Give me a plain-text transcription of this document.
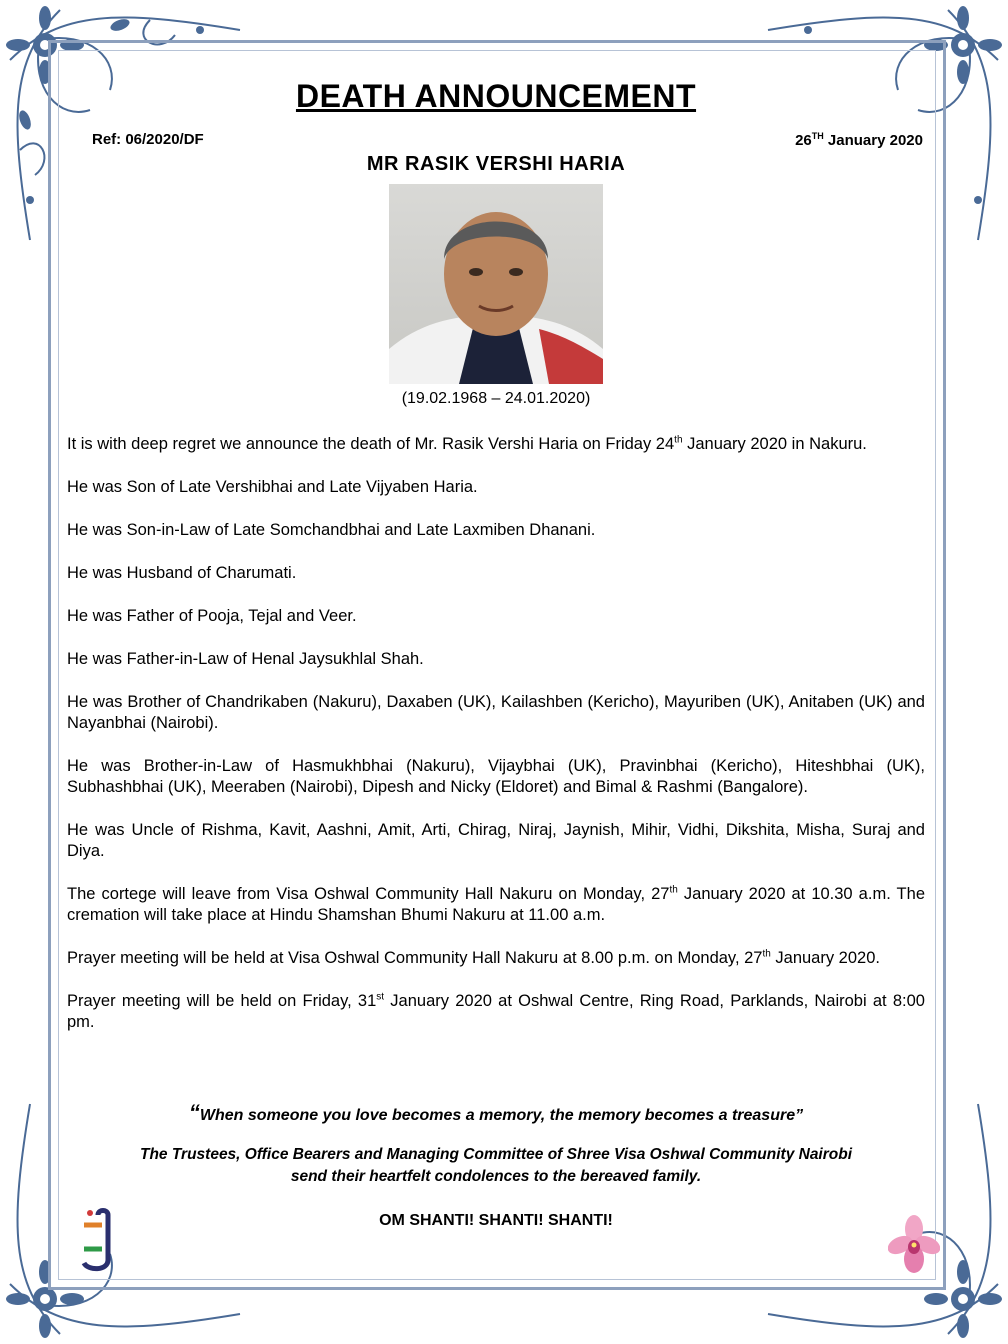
DEATH ANNOUNCEMENT
Ref: 06/2020/DF	26TH January 2020
MR RASIK VERSHI HARIA
(19.02.1968 – 24.01.2020)

It is with deep regret we announce the death of Mr. Rasik Vershi Haria on Friday 24th January 2020 in Nakuru.

He was Son of Late Vershibhai and Late Vijyaben Haria.

He was Son-in-Law of Late Somchandbhai and Late Laxmiben Dhanani.

He was Husband of Charumati.

He was Father of Pooja, Tejal and Veer.

He was Father-in-Law of Henal Jaysukhlal Shah.

He was Brother of Chandrikaben (Nakuru), Daxaben (UK), Kailashben (Kericho), Mayuriben (UK), Anitaben (UK) and Nayanbhai (Nairobi).

He was Brother-in-Law of Hasmukhbhai (Nakuru), Vijaybhai (UK), Pravinbhai (Kericho), Hiteshbhai (UK), Subhashbhai (UK), Meeraben (Nairobi), Dipesh and Nicky (Eldoret) and Bimal & Rashmi (Bangalore).

He was Uncle of Rishma, Kavit, Aashni, Amit, Arti, Chirag, Niraj, Jaynish, Mihir, Vidhi, Dikshita, Misha, Suraj and Diya.

The cortege will leave from Visa Oshwal Community Hall Nakuru on Monday, 27th January 2020 at 10.30 a.m. The cremation will take place at Hindu Shamshan Bhumi Nakuru at 11.00 a.m.

Prayer meeting will be held at Visa Oshwal Community Hall Nakuru at 8.00 p.m. on Monday, 27th January 2020.

Prayer meeting will be held on Friday, 31st January 2020 at Oshwal Centre, Ring Road, Parklands, Nairobi at 8:00 pm.

“When someone you love becomes a memory, the memory becomes a treasure”
The Trustees, Office Bearers and Managing Committee of Shree Visa Oshwal Community Nairobi
send their heartfelt condolences to the bereaved family.
OM SHANTI! SHANTI! SHANTI!
